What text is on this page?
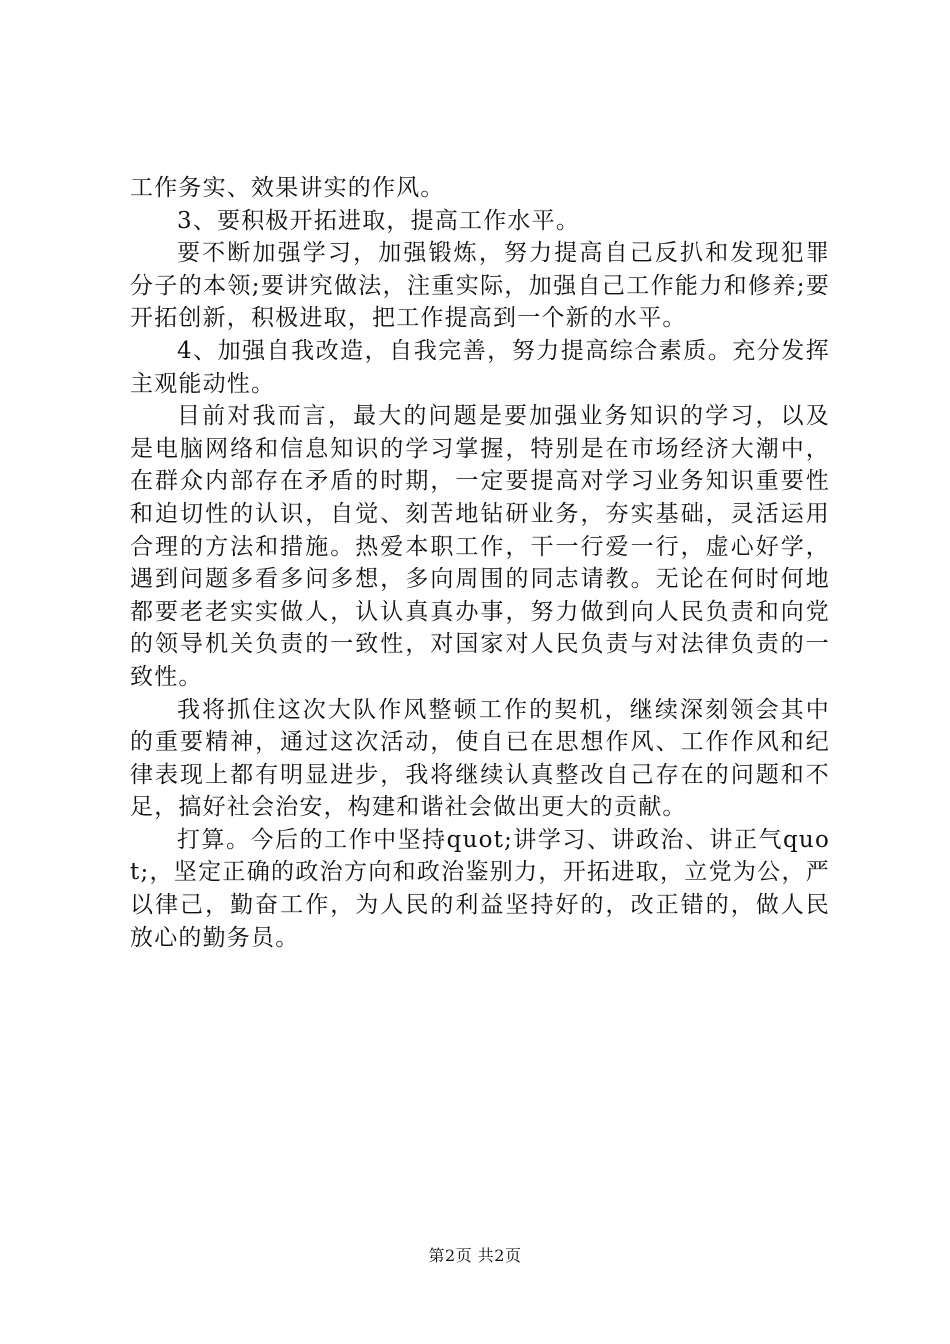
工作务实、效果讲实的作风。

3、要积极开拓进取，提高工作水平。

要不断加强学习，加强锻炼，努力提高自己反扒和发现犯罪分子的本领;要讲究做法，注重实际，加强自己工作能力和修养;要开拓创新，积极进取，把工作提高到一个新的水平。

4、加强自我改造，自我完善，努力提高综合素质。充分发挥主观能动性。

目前对我而言，最大的问题是要加强业务知识的学习，以及是电脑网络和信息知识的学习掌握，特别是在市场经济大潮中，在群众内部存在矛盾的时期，一定要提高对学习业务知识重要性和迫切性的认识，自觉、刻苦地钻研业务，夯实基础，灵活运用合理的方法和措施。热爱本职工作，干一行爱一行，虚心好学，遇到问题多看多问多想，多向周围的同志请教。无论在何时何地都要老老实实做人，认认真真办事，努力做到向人民负责和向党的领导机关负责的一致性，对国家对人民负责与对法律负责的一致性。

我将抓住这次大队作风整顿工作的契机，继续深刻领会其中的重要精神，通过这次活动，使自已在思想作风、工作作风和纪律表现上都有明显进步，我将继续认真整改自己存在的问题和不足，搞好社会治安，构建和谐社会做出更大的贡献。

打算。今后的工作中坚持quot;讲学习、讲政治、讲正气quot;，坚定正确的政治方向和政治鉴别力，开拓进取，立党为公，严以律己，勤奋工作，为人民的利益坚持好的，改正错的，做人民放心的勤务员。

第2页 共2页
